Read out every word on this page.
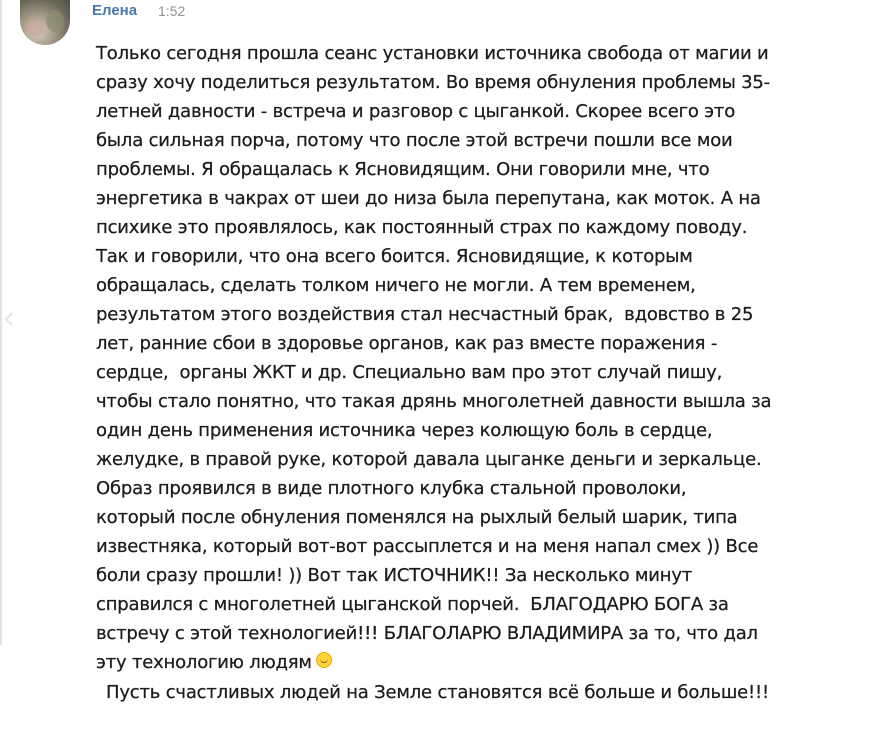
‹
Елена 1:52
Только сегодня прошла сеанс установки источника свобода от магии и
сразу хочу поделиться результатом. Во время обнуления проблемы 35-
летней давности - встреча и разговор с цыганкой. Скорее всего это
была сильная порча, потому что после этой встречи пошли все мои
проблемы. Я обращалась к Ясновидящим. Они говорили мне, что
энергетика в чакрах от шеи до низа была перепутана, как моток. А на
психике это проявлялось, как постоянный страх по каждому поводу.
Так и говорили, что она всего боится. Ясновидящие, к которым
обращалась, сделать толком ничего не могли. А тем временем,
результатом этого воздействия стал несчастный брак,  вдовство в 25
лет, ранние сбои в здоровье органов, как раз вместе поражения -
сердце,  органы ЖКТ и др. Специально вам про этот случай пишу,
чтобы стало понятно, что такая дрянь многолетней давности вышла за
один день применения источника через колющую боль в сердце,
желудке, в правой руке, которой давала цыганке деньги и зеркальце.
Образ проявился в виде плотного клубка стальной проволоки,
который после обнуления поменялся на рыхлый белый шарик, типа
известняка, который вот-вот рассыплется и на меня напал смех )) Все
боли сразу прошли! )) Вот так ИСТОЧНИК!! За несколько минут
справился с многолетней цыганской порчей.  БЛАГОДАРЮ БОГА за
встречу с этой технологией!!! БЛАГОЛАРЮ ВЛАДИМИРА за то, что дал
эту технологию людям
Пусть счастливых людей на Земле становятся всё больше и больше!!!
